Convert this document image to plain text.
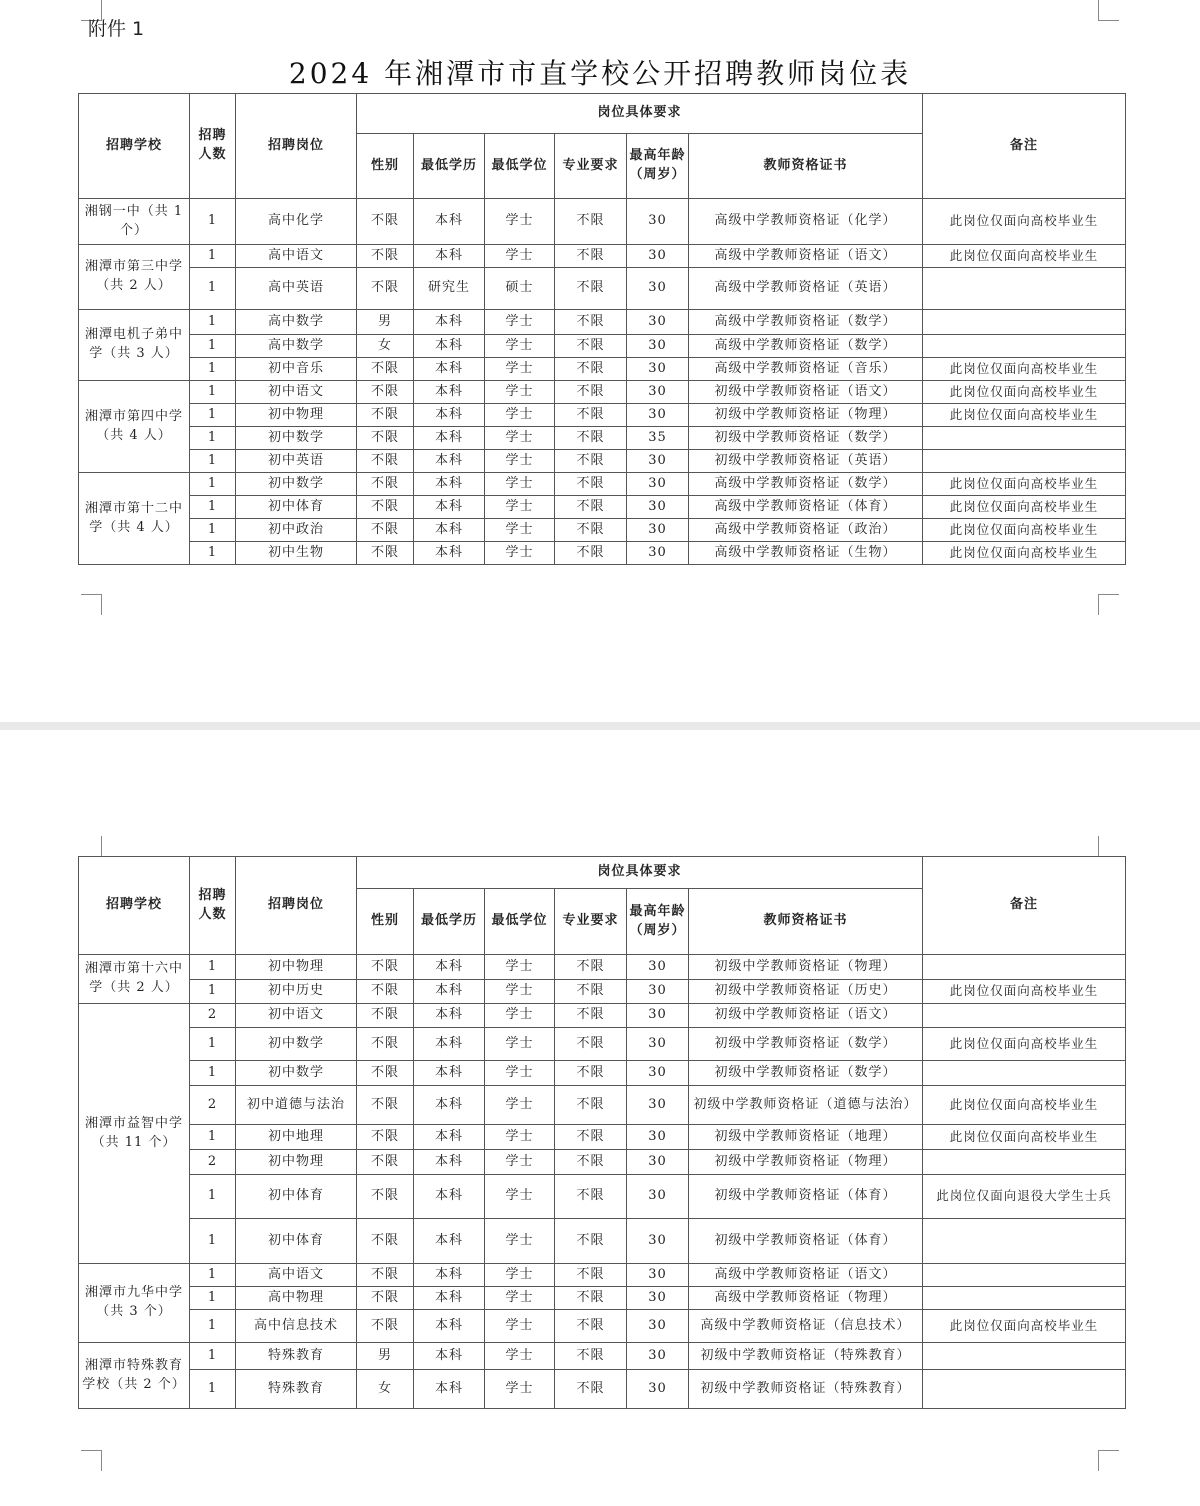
附件 1
2024 年湘潭市市直学校公开招聘教师岗位表
招聘学校	招聘人数	招聘岗位	岗位具体要求						备注
			性别	最低学历	最低学位	专业要求	最高年龄（周岁）	教师资格证书	
湘钢一中（共 1 个）	1	高中化学	不限	本科	学士	不限	30	高级中学教师资格证（化学）	此岗位仅面向高校毕业生
湘潭市第三中学（共 2 人）	1	高中语文	不限	本科	学士	不限	30	高级中学教师资格证（语文）	此岗位仅面向高校毕业生
	1	高中英语	不限	研究生	硕士	不限	30	高级中学教师资格证（英语）	
湘潭电机子弟中学（共 3 人）	1	高中数学	男	本科	学士	不限	30	高级中学教师资格证（数学）	
	1	高中数学	女	本科	学士	不限	30	高级中学教师资格证（数学）	
	1	初中音乐	不限	本科	学士	不限	30	高级中学教师资格证（音乐）	此岗位仅面向高校毕业生
湘潭市第四中学（共 4 人）	1	初中语文	不限	本科	学士	不限	30	初级中学教师资格证（语文）	此岗位仅面向高校毕业生
	1	初中物理	不限	本科	学士	不限	30	初级中学教师资格证（物理）	此岗位仅面向高校毕业生
	1	初中数学	不限	本科	学士	不限	35	初级中学教师资格证（数学）	
	1	初中英语	不限	本科	学士	不限	30	初级中学教师资格证（英语）	
湘潭市第十二中学（共 4 人）	1	初中数学	不限	本科	学士	不限	30	高级中学教师资格证（数学）	此岗位仅面向高校毕业生
	1	初中体育	不限	本科	学士	不限	30	高级中学教师资格证（体育）	此岗位仅面向高校毕业生
	1	初中政治	不限	本科	学士	不限	30	高级中学教师资格证（政治）	此岗位仅面向高校毕业生
	1	初中生物	不限	本科	学士	不限	30	高级中学教师资格证（生物）	此岗位仅面向高校毕业生
招聘学校	招聘人数	招聘岗位	岗位具体要求						备注
			性别	最低学历	最低学位	专业要求	最高年龄（周岁）	教师资格证书	
湘潭市第十六中学（共 2 人）	1	初中物理	不限	本科	学士	不限	30	初级中学教师资格证（物理）	
	1	初中历史	不限	本科	学士	不限	30	初级中学教师资格证（历史）	此岗位仅面向高校毕业生
湘潭市益智中学（共 11 个）	2	初中语文	不限	本科	学士	不限	30	初级中学教师资格证（语文）	
	1	初中数学	不限	本科	学士	不限	30	初级中学教师资格证（数学）	此岗位仅面向高校毕业生
	1	初中数学	不限	本科	学士	不限	30	初级中学教师资格证（数学）	
	2	初中道德与法治	不限	本科	学士	不限	30	初级中学教师资格证（道德与法治）	此岗位仅面向高校毕业生
	1	初中地理	不限	本科	学士	不限	30	初级中学教师资格证（地理）	此岗位仅面向高校毕业生
	2	初中物理	不限	本科	学士	不限	30	初级中学教师资格证（物理）	
	1	初中体育	不限	本科	学士	不限	30	初级中学教师资格证（体育）	此岗位仅面向退役大学生士兵
	1	初中体育	不限	本科	学士	不限	30	初级中学教师资格证（体育）	
湘潭市九华中学（共 3 个）	1	高中语文	不限	本科	学士	不限	30	高级中学教师资格证（语文）	
	1	高中物理	不限	本科	学士	不限	30	高级中学教师资格证（物理）	
	1	高中信息技术	不限	本科	学士	不限	30	高级中学教师资格证（信息技术）	此岗位仅面向高校毕业生
湘潭市特殊教育学校（共 2 个）	1	特殊教育	男	本科	学士	不限	30	初级中学教师资格证（特殊教育）	
	1	特殊教育	女	本科	学士	不限	30	初级中学教师资格证（特殊教育）	
